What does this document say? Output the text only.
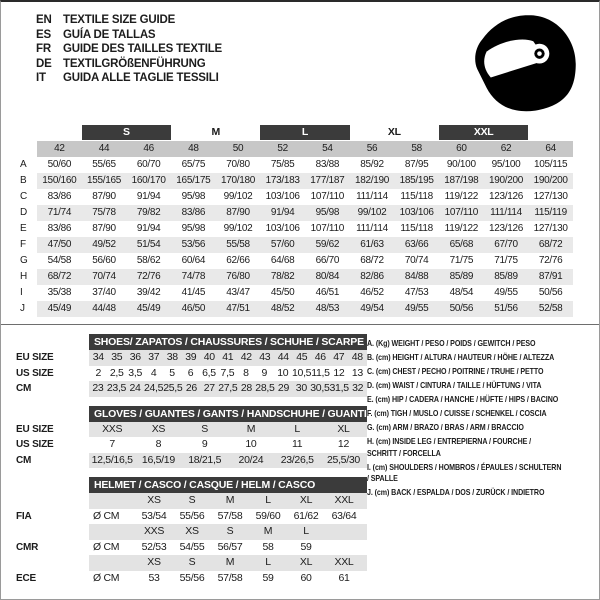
EN TEXTILE SIZE GUIDE
ES	GUÍA DE TALLAS
FR	GUIDE DES TAILLES TEXTILE
DE TEXTILGRÖßENFÜHRUNG
IT	GUIDA ALLE TAGLIE TESSILI
S	M	L	XL	XXL
42	44	46	48	50	52	54	56	58	60	62	64
A	50/60	55/65	60/70	65/75	70/80	75/85	83/88	85/92	87/95	90/100	95/100	105/115
B	150/160	155/165	160/170	165/175	170/180	173/183	177/187	182/190	185/195	187/198	190/200	190/200
C	83/86	87/90	91/94	95/98	99/102	103/106	107/110	111/114	115/118	119/122	123/126	127/130
D	71/74	75/78	79/82	83/86	87/90	91/94	95/98	99/102	103/106	107/110	111/114	115/119
E	83/86	87/90	91/94	95/98	99/102	103/106	107/110	111/114	115/118	119/122	123/126	127/130
F	47/50	49/52	51/54	53/56	55/58	57/60	59/62	61/63	63/66	65/68	67/70	68/72
G	54/58	56/60	58/62	60/64	62/66	64/68	66/70	68/72	70/74	71/75	71/75	72/76
H	68/72	70/74	72/76	74/78	76/80	78/82	80/84	82/86	84/88	85/89	85/89	87/91
I	35/38	37/40	39/42	41/45	43/47	45/50	46/51	46/52	47/53	48/54	49/55	50/56
J	45/49	44/48	45/49	46/50	47/51	48/52	48/53	49/54	49/55	50/56	51/56	52/58
SHOES/ ZAPATOS / CHAUSSURES / SCHUHE / SCARPE
EU SIZE	34 35 36 37 38 39 40 41 42 43 44 45 46 47 48
US SIZE	2 2,5 3,5 4	5	6 6,5 7,5 8	9 10 10,5 11,5 12 13
CM	23 23,5 24 24,5 25,5 26 27 27,5 28 28,5 29 30 30,5 31,5 32
GLOVES / GUANTES / GANTS / HANDSCHUHE / GUANTI
EU SIZE	XXS	XS	S	M	L	XL
US SIZE	7	8	9	10	11	12
CM	12,5/16,5 16,5/19	18/21,5	20/24	23/26,5	25,5/30
HELMET / CASCO / CASQUE / HELM / CASCO
XS	S	M	L	XL	XXL
FIA	Ø CM	53/54	55/56	57/58	59/60	61/62	63/64
XXS	XS	S	M	L
CMR	Ø CM	52/53	54/55	56/57	58	59
XS	S	M	L	XL	XXL
ECE	Ø CM	53	55/56	57/58	59	60	61
A. (Kg) WEIGHT / PESO / POIDS / GEWITCH / PESO
B. (cm) HEIGHT / ALTURA / HAUTEUR / HÖHE / ALTEZZA
C. (cm) CHEST / PECHO / POITRINE / TRUHE / PETTO
D. (cm) WAIST / CINTURA / TAILLE / HÜFTUNG / VITA
E. (cm) HIP / CADERA / HANCHE / HÜFTE / HIPS / BACINO
F. (cm) TIGH / MUSLO / CUISSE / SCHENKEL / COSCIA
G. (cm) ARM / BRAZO / BRAS / ARM / BRACCIO
H. (cm) INSIDE LEG / ENTREPIERNA / FOURCHE / SCHRITT / FORCELLA
I. (cm) SHOULDERS / HOMBROS / ÉPAULES / SCHULTERN / SPALLE
J. (cm) BACK / ESPALDA / DOS / ZURÜCK / INDIETRO
